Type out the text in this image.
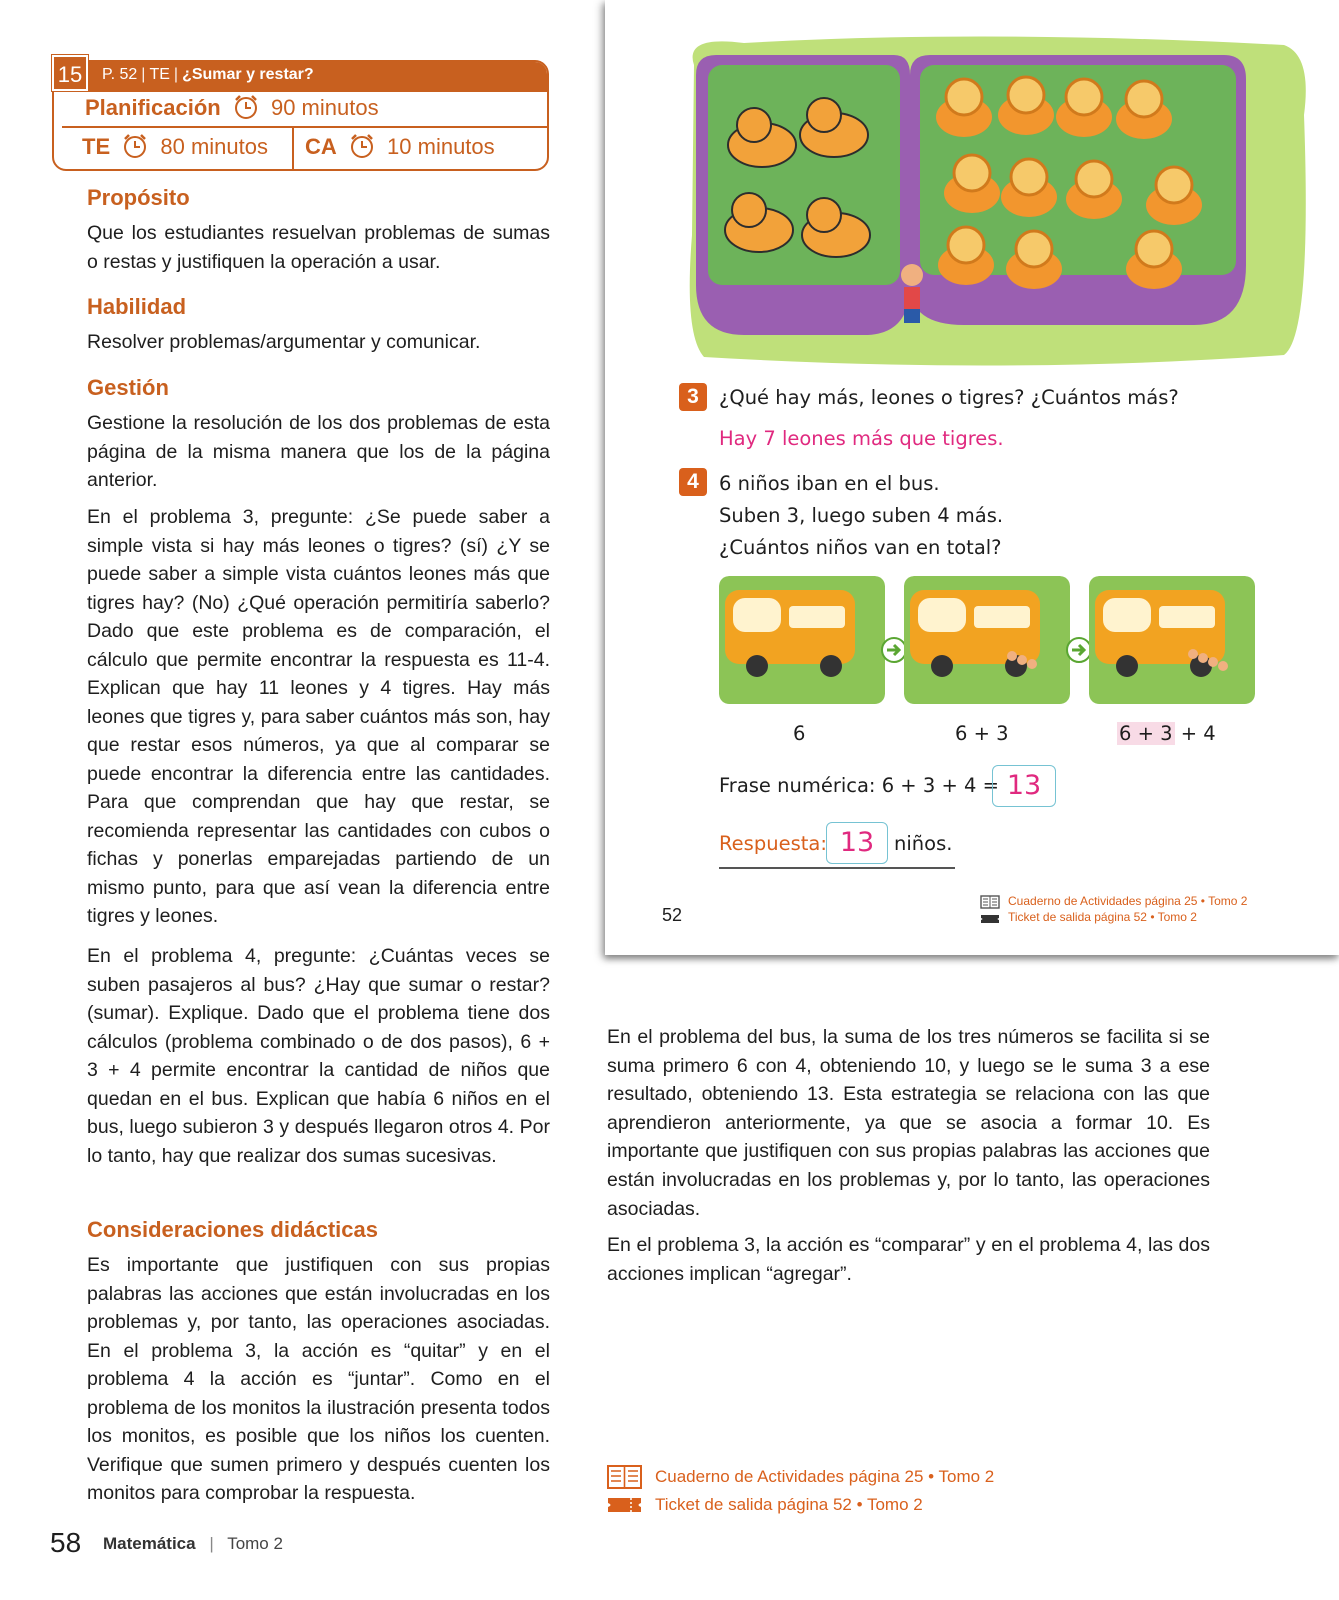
15	P. 52 | TE | ¿Sumar y restar?
Planificación 90 minutos
TE 80 minutos CA 10 minutos
Propósito
Que los estudiantes resuelvan problemas de sumas o restas y justifiquen la operación a usar.
Habilidad
Resolver problemas/argumentar y comunicar.
Gestión
Gestione la resolución de los dos problemas de esta página de la misma manera que los de la página anterior.
En el problema 3, pregunte: ¿Se puede saber a simple vista si hay más leones o tigres? (sí) ¿Y se puede saber a simple vista cuántos leones más que tigres hay? (No) ¿Qué operación permitiría saberlo? Dado que este problema es de comparación, el cálculo que permite encontrar la respuesta es 11-4. Explican que hay 11 leones y 4 tigres. Hay más leones que tigres y, para saber cuántos más son, hay que restar esos números, ya que al comparar se puede encontrar la diferencia entre las cantidades. Para que comprendan que hay que restar, se recomienda representar las cantidades con cubos o fichas y ponerlas emparejadas partiendo de un mismo punto, para que así vean la diferencia entre tigres y leones.
En el problema 4, pregunte: ¿Cuántas veces se suben pasajeros al bus? ¿Hay que sumar o restar? (sumar). Explique. Dado que el problema tiene dos cálculos (problema combinado o de dos pasos), 6 + 3 + 4 permite encontrar la cantidad de niños que quedan en el bus. Explican que había 6 niños en el bus, luego subieron 3 y después llegaron otros 4. Por lo tanto, hay que realizar dos sumas sucesivas.
Consideraciones didácticas
Es importante que justifiquen con sus propias palabras las acciones que están involucradas en los problemas y, por tanto, las operaciones asociadas. En el problema 3, la acción es “quitar” y en el problema 4 la acción es “juntar”. Como en el problema de los monitos la ilustración presenta todos los monitos, es posible que los niños los cuenten. Verifique que sumen primero y después cuenten los monitos para comprobar la respuesta.
58 Matemática | Tomo 2
3	¿Qué hay más, leones o tigres? ¿Cuántos más?
Hay 7 leones más que tigres.
4	6 niños iban en el bus.
Suben 3, luego suben 4 más.
¿Cuántos niños van en total?
6	6 + 3	6 + 3 + 4
Frase numérica: 6 + 3 + 4 = 13
Respuesta: 13	niños.
52
Cuaderno de Actividades página 25 • Tomo 2
Ticket de salida página 52 • Tomo 2
En el problema del bus, la suma de los tres números se facilita si se suma primero 6 con 4, obteniendo 10, y luego se le suma 3 a ese resultado, obteniendo 13. Esta estrategia se relaciona con las que aprendieron anteriormente, ya que se asocia a formar 10. Es importante que justifiquen con sus propias palabras las acciones que están involucradas en los problemas y, por lo tanto, las operaciones asociadas.
En el problema 3, la acción es “comparar” y en el problema 4, las dos acciones implican “agregar”.
Cuaderno de Actividades página 25 • Tomo 2
Ticket de salida página 52 • Tomo 2
